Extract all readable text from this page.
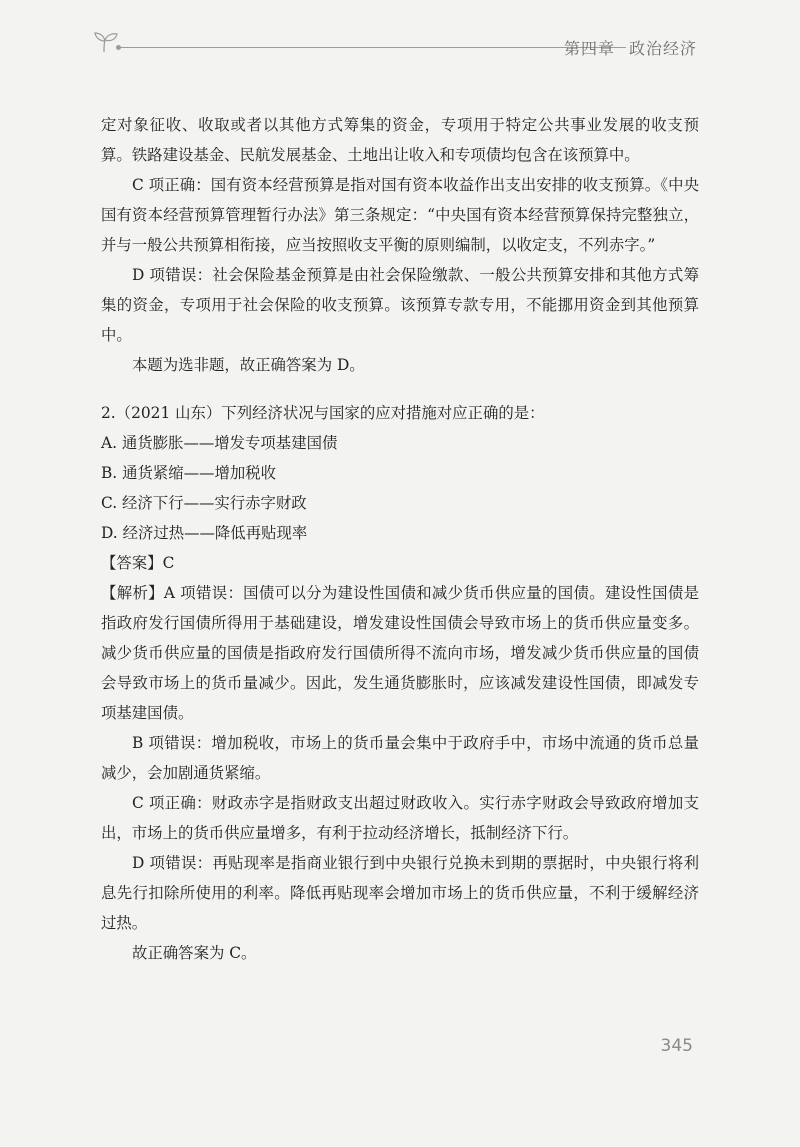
第四章 政治经济

定对象征收、收取或者以其他方式筹集的资金，专项用于特定公共事业发展的收支预算。铁路建设基金、民航发展基金、土地出让收入和专项债均包含在该预算中。

C 项正确：国有资本经营预算是指对国有资本收益作出支出安排的收支预算。《中央国有资本经营预算管理暂行办法》第三条规定：“中央国有资本经营预算保持完整独立，并与一般公共预算相衔接，应当按照收支平衡的原则编制，以收定支，不列赤字。”

D 项错误：社会保险基金预算是由社会保险缴款、一般公共预算安排和其他方式筹集的资金，专项用于社会保险的收支预算。该预算专款专用，不能挪用资金到其他预算中。

本题为选非题，故正确答案为 D。

2.（2021 山东）下列经济状况与国家的应对措施对应正确的是：

A. 通货膨胀——增发专项基建国债

B. 通货紧缩——增加税收

C. 经济下行——实行赤字财政

D. 经济过热——降低再贴现率

【答案】C

【解析】A 项错误：国债可以分为建设性国债和减少货币供应量的国债。建设性国债是指政府发行国债所得用于基础建设，增发建设性国债会导致市场上的货币供应量变多。减少货币供应量的国债是指政府发行国债所得不流向市场，增发减少货币供应量的国债会导致市场上的货币量减少。因此，发生通货膨胀时，应该减发建设性国债，即减发专项基建国债。

B 项错误：增加税收，市场上的货币量会集中于政府手中，市场中流通的货币总量减少，会加剧通货紧缩。

C 项正确：财政赤字是指财政支出超过财政收入。实行赤字财政会导致政府增加支出，市场上的货币供应量增多，有利于拉动经济增长，抵制经济下行。

D 项错误：再贴现率是指商业银行到中央银行兑换未到期的票据时，中央银行将利息先行扣除所使用的利率。降低再贴现率会增加市场上的货币供应量，不利于缓解经济过热。

故正确答案为 C。

345
